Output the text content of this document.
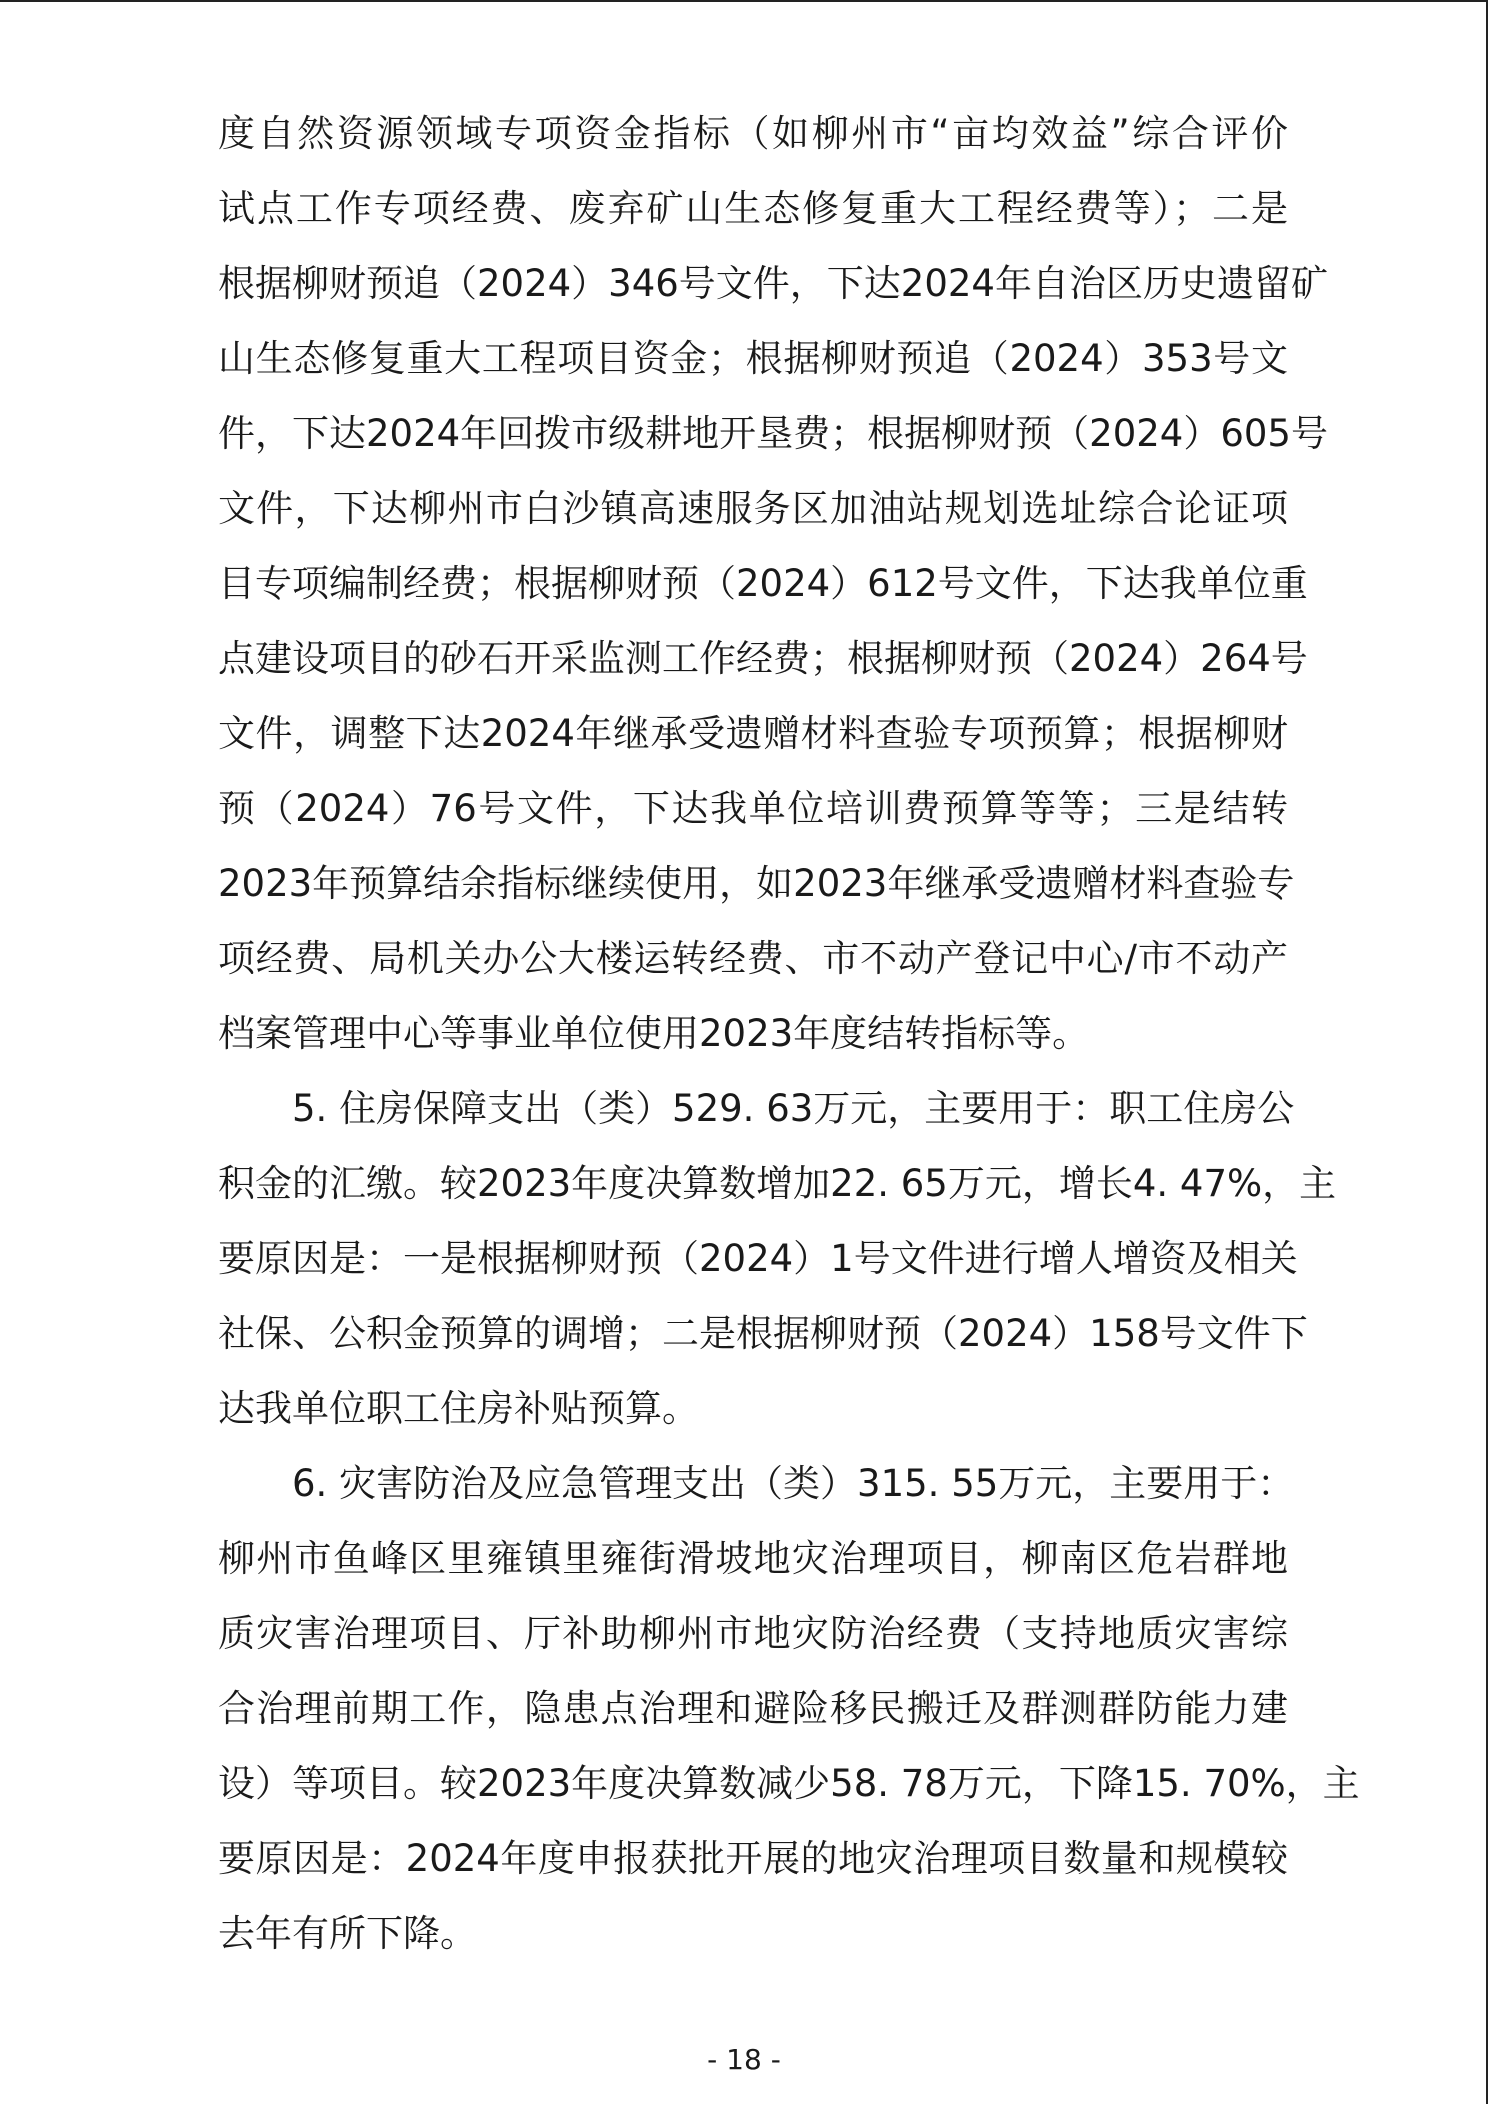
度自然资源领域专项资金指标（如柳州市“亩均效益”综合评价
试点工作专项经费、废弃矿山生态修复重大工程经费等）；二是
根据柳财预追（2024）346号文件，下达2024年自治区历史遗留矿
山生态修复重大工程项目资金；根据柳财预追（2024）353号文
件，下达2024年回拨市级耕地开垦费；根据柳财预（2024）605号
文件，下达柳州市白沙镇高速服务区加油站规划选址综合论证项
目专项编制经费；根据柳财预（2024）612号文件，下达我单位重
点建设项目的砂石开采监测工作经费；根据柳财预（2024）264号
文件，调整下达2024年继承受遗赠材料查验专项预算；根据柳财
预（2024）76号文件，下达我单位培训费预算等等；三是结转
2023年预算结余指标继续使用，如2023年继承受遗赠材料查验专
项经费、局机关办公大楼运转经费、市不动产登记中心/市不动产
档案管理中心等事业单位使用2023年度结转指标等。
5. 住房保障支出（类）529. 63万元，主要用于：职工住房公
积金的汇缴。较2023年度决算数增加22. 65万元，增长4. 47%，主
要原因是：一是根据柳财预（2024）1号文件进行增人增资及相关
社保、公积金预算的调增；二是根据柳财预（2024）158号文件下
达我单位职工住房补贴预算。
6. 灾害防治及应急管理支出（类）315. 55万元，主要用于：
柳州市鱼峰区里雍镇里雍街滑坡地灾治理项目，柳南区危岩群地
质灾害治理项目、厅补助柳州市地灾防治经费（支持地质灾害综
合治理前期工作，隐患点治理和避险移民搬迁及群测群防能力建
设）等项目。较2023年度决算数减少58. 78万元，下降15. 70%，主
要原因是：2024年度申报获批开展的地灾治理项目数量和规模较
去年有所下降。
- 18 -
